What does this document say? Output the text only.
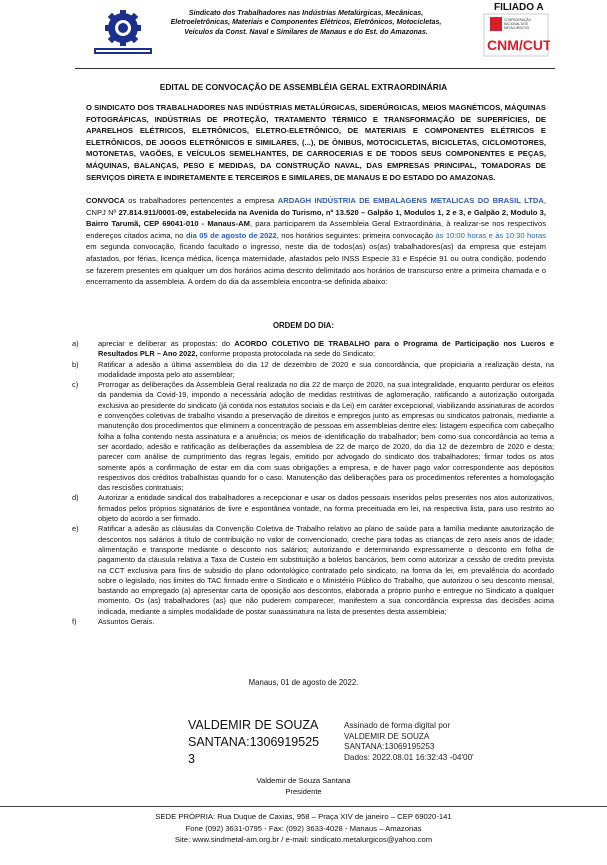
Sindicato dos Trabalhadores nas Indústrias Metalúrgicas, Mecânicas, Eletroeletrônicas, Materiais e Componentes Elétricos, Eletrônicos, Motocicletas, Veículos da Const. Naval e Similares de Manaus e do Est. do Amazonas.
FILIADO A
CONFEDERAÇÃO
NACIONAL DOS
METALÚRGICOS
CNM/CUT
EDITAL DE CONVOCAÇÃO DE ASSEMBLÉIA GERAL EXTRAORDINÁRIA
O SINDICATO DOS TRABALHADORES NAS INDÚSTRIAS METALÚRGICAS, SIDERÚRGICAS, MEIOS MAGNÉTICOS, MÁQUINAS FOTOGRÁFICAS, INDÚSTRIAS DE PROTEÇÃO, TRATAMENTO TÉRMICO E TRANSFORMAÇÃO DE SUPERFÍCIES, DE APARELHOS ELÉTRICOS, ELETRÔNICOS, ELETRO-ELETRÔNICO, DE MATERIAIS E COMPONENTES ELÉTRICOS E ELETRÔNICOS, DE JOGOS ELETRÔNICOS E SIMILARES, (...), DE ÔNIBUS, MOTOCICLETAS, BICICLETAS, CICLOMOTORES, MOTONETAS, VAGÕES, E VEÍCULOS SEMELHANTES, DE CARROCERIAS E DE TODOS SEUS COMPONENTES E PEÇAS, MÁQUINAS, BALANÇAS, PESO E MEDIDAS, DA CONSTRUÇÃO NAVAL, DAS EMPRESAS PRINCIPAL, TOMADORAS DE SERVIÇOS DIRETA E INDIRETAMENTE E TERCEIROS E SIMILARES, DE MANAUS E DO ESTADO DO AMAZONAS.
CONVOCA os trabalhadores pertencentes a empresa ARDAGH INDÚSTRIA DE EMBALAGENS METALICAS DO BRASIL LTDA, CNPJ Nº 27.814.911/0001-09, estabelecida na Avenida do Turismo, nº 13.520 – Galpão 1, Modulos 1, 2 e 3, e Galpão 2, Modulo 3, Bairro Tarumã, CEP 69041-010 - Manaus-AM, para participarem da Assembleia Geral Extraordinária, à realizar-se nos respectivos endereços citados acima, no dia 05 de agosto de 2022, nos horários seguintes: primeira convocação às 10:00 horas e às 10:30 horas em segunda convocação, ficando facultado o ingresso, neste dia de todos(as) os(as) trabalhadores(as) da empresa que estejam afastados, por férias, licença médica, licença maternidade, afastados pelo INSS Especie 31 e Espécie 91 ou outra condição, podendo se fazerem presentes em qualquer um dos horários acima descrito delimitado aos horários de transcurso entre a primeira chamada e o encerramento da assembleia. A ordem do dia da assembleia encontra-se definida abaixo:
ORDEM DO DIA:
a)	apreciar e deliberar as propostas: do ACORDO COLETIVO DE TRABALHO para o Programa de Participação nos Lucros e Resultados PLR – Ano 2022, conforme proposta protocolada na sede do Sindicato;
b)	Ratificar a adesão a última assembleia do dia 12 de dezembro de 2020 e sua concordância, que propiciaria a realização desta, na modalidade imposta pelo ato assemblear;
c)	Prorrogar as deliberações da Assembleia Geral realizada no dia 22 de março de 2020, na sua integralidade, enquanto perdurar os efeitos da pandemia da Covid-19, impondo a necessária adoção de medidas restritivas de aglomeração, ratificando a autorização outorgada exclusiva ao presidente do sindicato (já contida nos estatutos sociais e da Lei) em caráter excepcional, viabilizando assinaturas de acordos e convenções coletivas de trabalho visando a preservação de direitos e empregos junto as empresas ou sindicatos patronais, mediante a manutenção dos procedimentos que eliminem a concentração de pessoas em assembleias dentre eles: listagem especifica com cabeçalho folha a folha contendo nesta assinatura e a anuência; os meios de identificação do trabalhador; bem como sua concordância ao tema a ser acordado, adesão e ratificação as deliberações da assembleia de 22 de março de 2020, do dia 12 de dezembro de 2020 e desta; parecer com análise de cumprimento das regras legais, emitido por advogado do sindicato dos trabalhadores; firmar todos os atos somente após a confirmação de estar em dia com suas obrigações a empresa, e de haver pago valor correspondente aos depósitos respectivos dos créditos trabalhistas quando for o caso. Manutenção das deliberações para os procedimentos referentes a homologação das rescisões contratuais;
d)	Autorizar a entidade sindical dos trabalhadores a recepcionar e usar os dados pessoais inseridos pelos presentes nos atos autorizativos, firmados pelos próprios signatários de livre e espontânea vontade, na forma preceituada em lei, na respectiva lista, para uso restrito ao objeto do acordo a ser firmado.
e)	Ratificar a adesão as cláusulas da Convenção Coletiva de Trabalho relativo ao plano de saúde para a família mediante aautorização de descontos nos salários à título de contribuição no valor de convencionado, creche para todas as crianças de zero aseis anos de idade; alimentação e transporte mediante o desconto nos salários; autorizando e determinando expressamente o desconto em folha de pagamento da cláusula relativa a Taxa de Custeio em substituição a boletos bancários, bem como autorizar a cessão de credito prevista na CCT exclusiva para fins de subsidio do plano odontológico contratado pelo sindicato, na forma da lei, em prevalência do acordado sobre o legislado, nos limites do TAC firmado entre o Sindicato e o Ministério Público do Trabalho, que autorizou o seu desconto mensal, bastando ao empregado (a) apresentar carta de oposição aos descontos, elaborada a próprio punho e entregue no Sindicato a qualquer momento. Os (as) trabalhadores (as) que não puderem comparecer, manifestem a sua concordância expressa das decisões acima indicada, mediante a simples modalidade de postar suaassinatura na lista de presentes desta assembleia;
f)	Assuntos Gerais.
Manaus, 01 de agosto de 2022.
VALDEMIR DE SOUZA
SANTANA:1306919525
3
Assinado de forma digital por
VALDEMIR DE SOUZA
SANTANA:13069195253
Dados: 2022.08.01 16:32:43 -04'00'
Valdemir de Souza Santana
Presidente
SEDE PRÓPRIA: Rua Duque de Caxias, 958 – Praça XIV de janeiro – CEP 69020-141
Fone (092) 3631-0795 - Fax: (092) 3633-4028 - Manaus – Amazonas
Site: www.sindmetal-am.org.br / e-mail: sindicato.metalurgicos@yahoo.com
